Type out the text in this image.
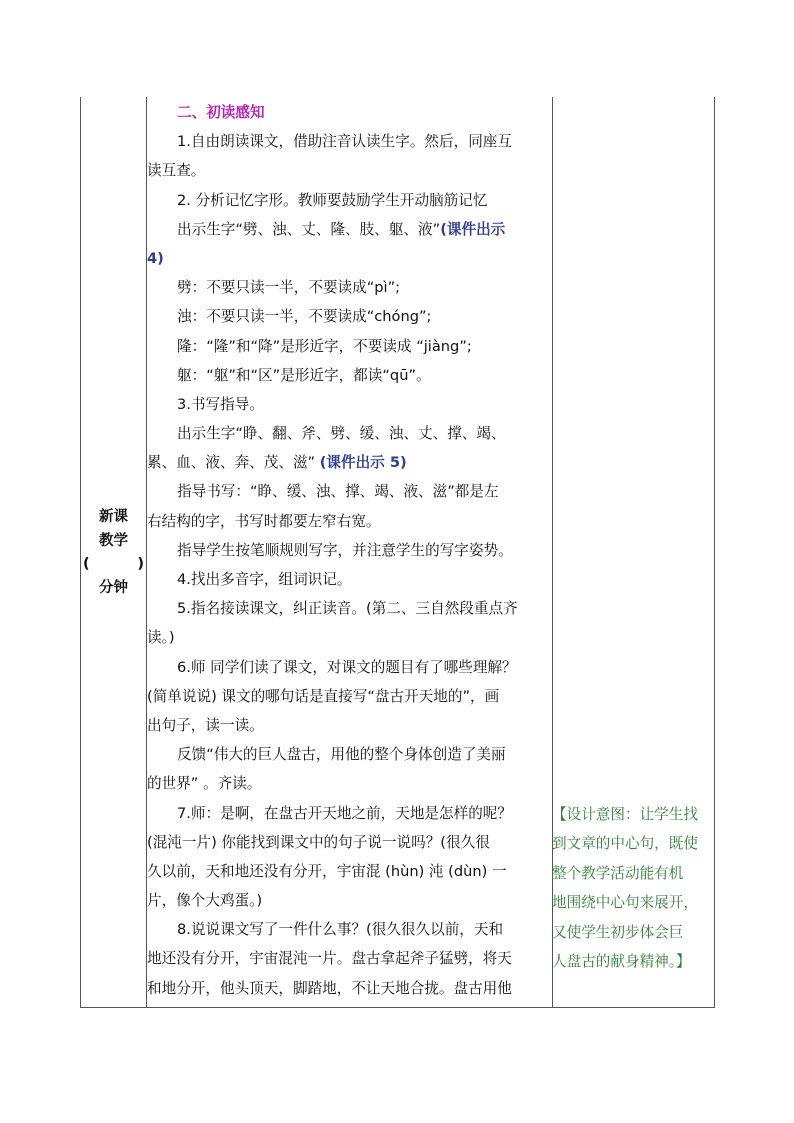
新课
教学
(	)
分钟
二、初读感知
1.自由朗读课文，借助注音认读生字。然后，同座互
读互查。
2. 分析记忆字形。教师要鼓励学生开动脑筋记忆
出示生字“劈、浊、丈、隆、肢、躯、液”(课件出示
4)
劈：不要只读一半，不要读成“pì”;
浊：不要只读一半，不要读成“chóng”;
隆：“隆”和“降”是形近字，不要读成 “jiàng”;
躯：“躯”和“区”是形近字，都读“qū”。
3.书写指导。
出示生字“睁、翻、斧、劈、缓、浊、丈、撑、竭、
累、血、液、奔、茂、滋” (课件出示 5)
指导书写：“睁、缓、浊、撑、竭、液、滋”都是左
右结构的字，书写时都要左窄右宽。
指导学生按笔顺规则写字，并注意学生的写字姿势。
4.找出多音字，组词识记。
5.指名接读课文，纠正读音。(第二、三自然段重点齐
读。)
6.师 同学们读了课文，对课文的题目有了哪些理解？
(简单说说) 课文的哪句话是直接写“盘古开天地的”，画
出句子，读一读。
反馈“伟大的巨人盘古，用他的整个身体创造了美丽
的世界” 。齐读。
7.师：是啊，在盘古开天地之前，天地是怎样的呢？
(混沌一片) 你能找到课文中的句子说一说吗？(很久很
久以前，天和地还没有分开，宇宙混 (hùn) 沌 (dùn) 一
片，像个大鸡蛋。)
8.说说课文写了一件什么事？(很久很久以前，天和
地还没有分开，宇宙混沌一片。盘古拿起斧子猛劈，将天
和地分开，他头顶天，脚踏地，不让天地合拢。盘古用他
【设计意图：让学生找
到文章的中心句，既使
整个教学活动能有机
地围绕中心句来展开，
又使学生初步体会巨
人盘古的献身精神。】
